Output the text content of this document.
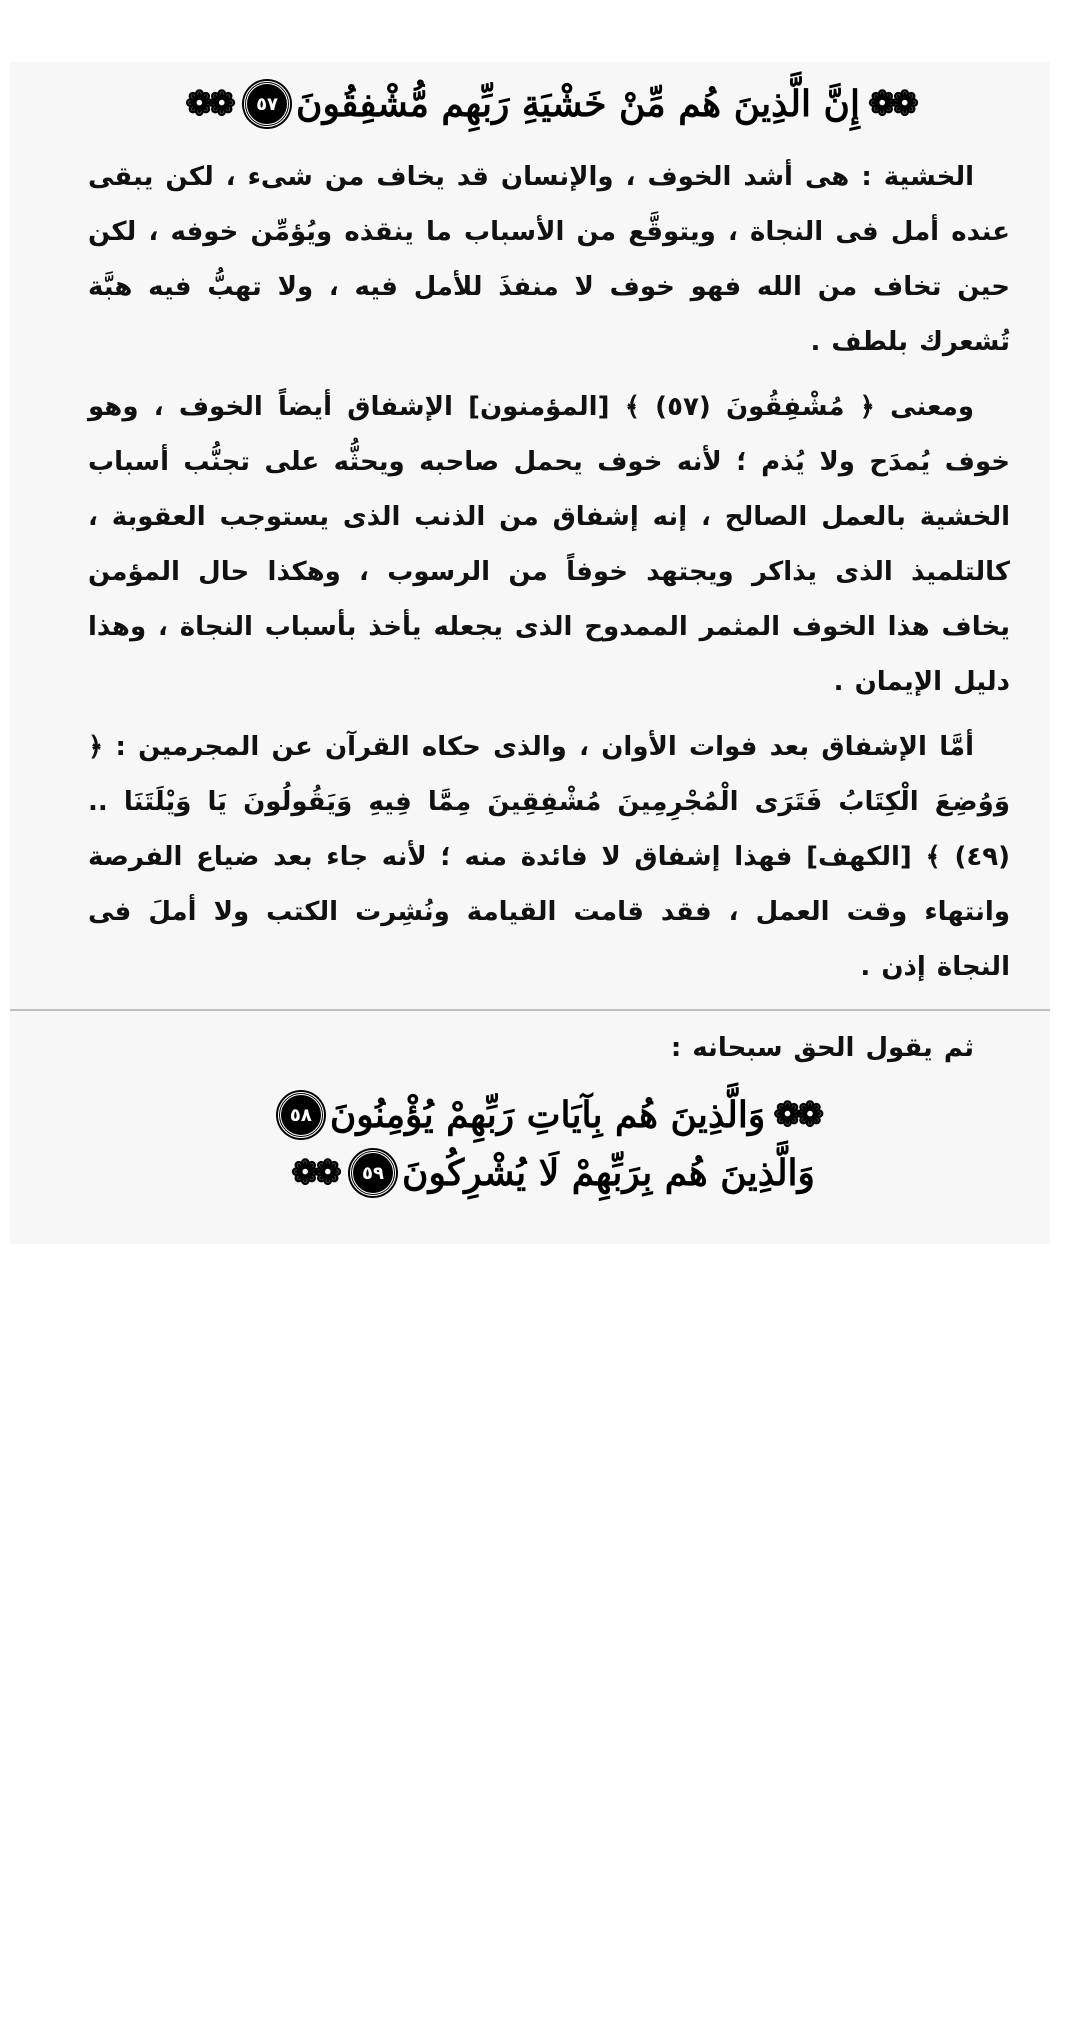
❁❁
إِنَّ الَّذِينَ هُم مِّنْ خَشْيَةِ رَبِّهِم مُّشْفِقُونَ
٥٧
❁❁

الخشية : هى أشد الخوف ، والإنسان قد يخاف من شىء ، لكن يبقى عنده أمل فى النجاة ، ويتوقَّع من الأسباب ما ينقذه ويُؤمِّن خوفه ، لكن حين تخاف من الله فهو خوف لا منفذَ للأمل فيه ، ولا تهبُّ فيه هبَّة تُشعرك بلطف .

ومعنى ﴿ مُشْفِقُونَ (٥٧) ﴾ [المؤمنون] الإشفاق أيضاً الخوف ، وهو خوف يُمدَح ولا يُذم ؛ لأنه خوف يحمل صاحبه ويحثُّه على تجنُّب أسباب الخشية بالعمل الصالح ، إنه إشفاق من الذنب الذى يستوجب العقوبة ، كالتلميذ الذى يذاكر ويجتهد خوفاً من الرسوب ، وهكذا حال المؤمن يخاف هذا الخوف المثمر الممدوح الذى يجعله يأخذ بأسباب النجاة ، وهذا دليل الإيمان .

أمَّا الإشفاق بعد فوات الأوان ، والذى حكاه القرآن عن المجرمين : ﴿ وَوُضِعَ الْكِتَابُ فَتَرَى الْمُجْرِمِينَ مُشْفِقِينَ مِمَّا فِيهِ وَيَقُولُونَ يَا وَيْلَتَنَا .. (٤٩) ﴾ [الكهف] فهذا إشفاق لا فائدة منه ؛ لأنه جاء بعد ضياع الفرصة وانتهاء وقت العمل ، فقد قامت القيامة ونُشِرت الكتب ولا أملَ فى النجاة إذن .

ثم يقول الحق سبحانه :

❁❁
وَالَّذِينَ هُم بِآيَاتِ رَبِّهِمْ يُؤْمِنُونَ
٥٨
وَالَّذِينَ هُم بِرَبِّهِمْ لَا يُشْرِكُونَ
٥٩
❁❁
